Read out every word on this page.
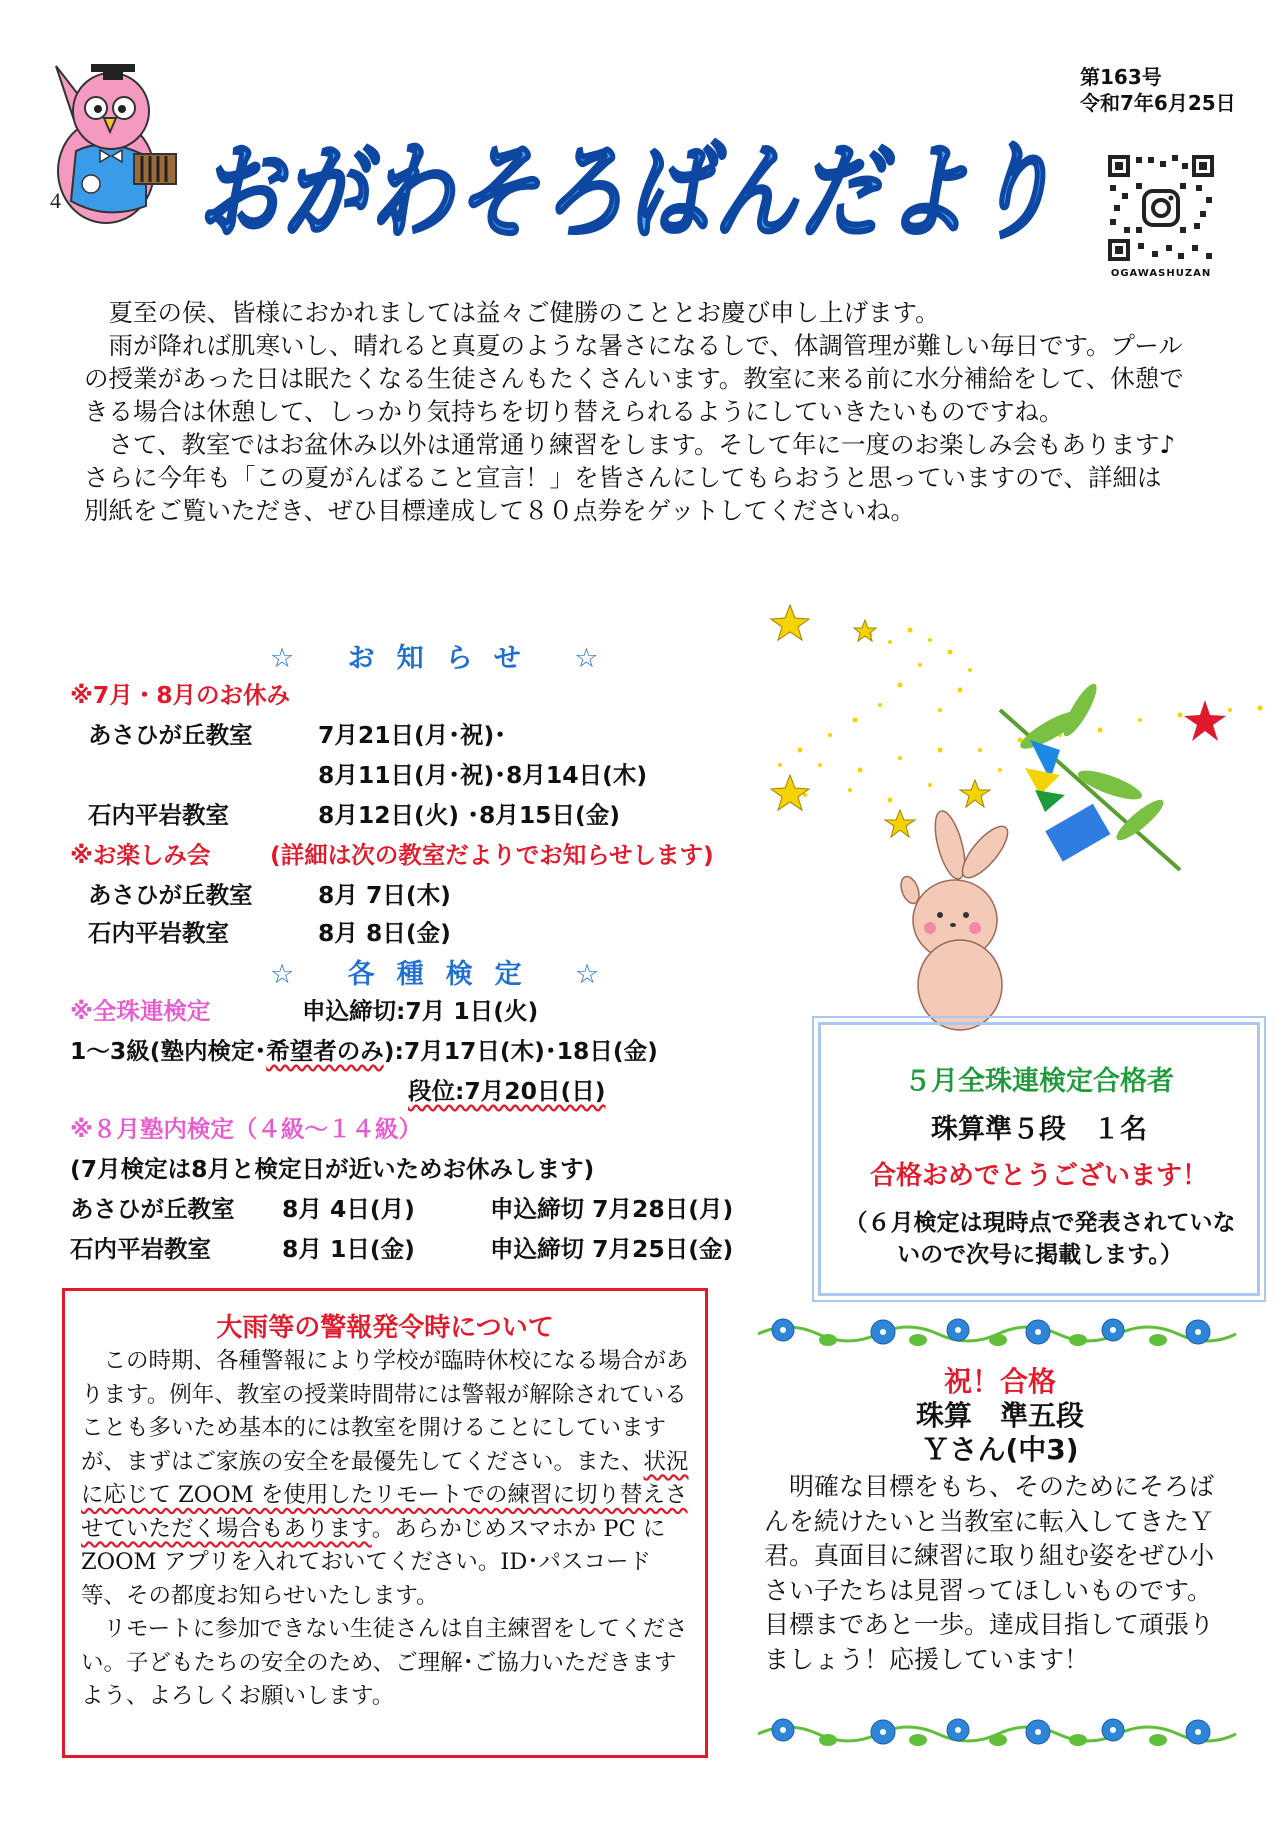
第163号
令和7年6月25日
4 おがわそろばんだより
OGAWASHUZAN

　夏至の侯、皆様におかれましては益々ご健勝のこととお慶び申し上げます。

　雨が降れば肌寒いし、晴れると真夏のような暑さになるしで、体調管理が難しい毎日です。プールの授業があった日は眠たくなる生徒さんもたくさんいます。教室に来る前に水分補給をして、休憩できる場合は休憩して、しっかり気持ちを切り替えられるようにしていきたいものですね。

　さて、教室ではお盆休み以外は通常通り練習をします。そして年に一度のお楽しみ会もあります♪さらに今年も「この夏がんばること宣言！」を皆さんにしてもらおうと思っていますので、詳細は別紙をご覧いただき、ぜひ目標達成して８０点券をゲットしてくださいね。

☆ お知らせ ☆
※7月・8月のお休み
あさひが丘教室	7月21日(月･祝)･
8月11日(月･祝)･8月14日(木)
石内平岩教室	8月12日(火) ･8月15日(金)
※お楽しみ会	(詳細は次の教室だよりでお知らせします)
あさひが丘教室	8月 7日(木)
石内平岩教室	8月 8日(金)
☆ 各種検定 ☆
※全珠連検定	申込締切:7月 1日(火)
1～3級(塾内検定･希望者のみ):7月17日(木)･18日(金)
段位:7月20日(日)
※８月塾内検定（４級～１４級）
(7月検定は8月と検定日が近いためお休みします)
あさひが丘教室 8月 4日(月)	申込締切 7月28日(月)
石内平岩教室	8月 1日(金)	申込締切 7月25日(金)
５月全珠連検定合格者
珠算準５段　１名
合格おめでとうございます！
（６月検定は現時点で発表されていないので次号に掲載します。）
大雨等の警報発令時について

　この時期、各種警報により学校が臨時休校になる場合があります。例年、教室の授業時間帯には警報が解除されていることも多いため基本的には教室を開けることにしていますが、まずはご家族の安全を最優先してください。また、状況に応じて ZOOM を使用したリモートでの練習に切り替えさせていただく場合もあります。あらかじめスマホか PC に ZOOM アプリを入れておいてください。ID･パスコード等、その都度お知らせいたします。

　リモートに参加できない生徒さんは自主練習をしてください。子どもたちの安全のため、ご理解･ご協力いただきますよう、よろしくお願いします。

祝！合格
珠算　準五段
Ｙさん(中3)

　明確な目標をもち、そのためにそろばんを続けたいと当教室に転入してきたＹ君。真面目に練習に取り組む姿をぜひ小さい子たちは見習ってほしいものです。目標まであと一歩。達成目指して頑張りましょう！応援しています！
